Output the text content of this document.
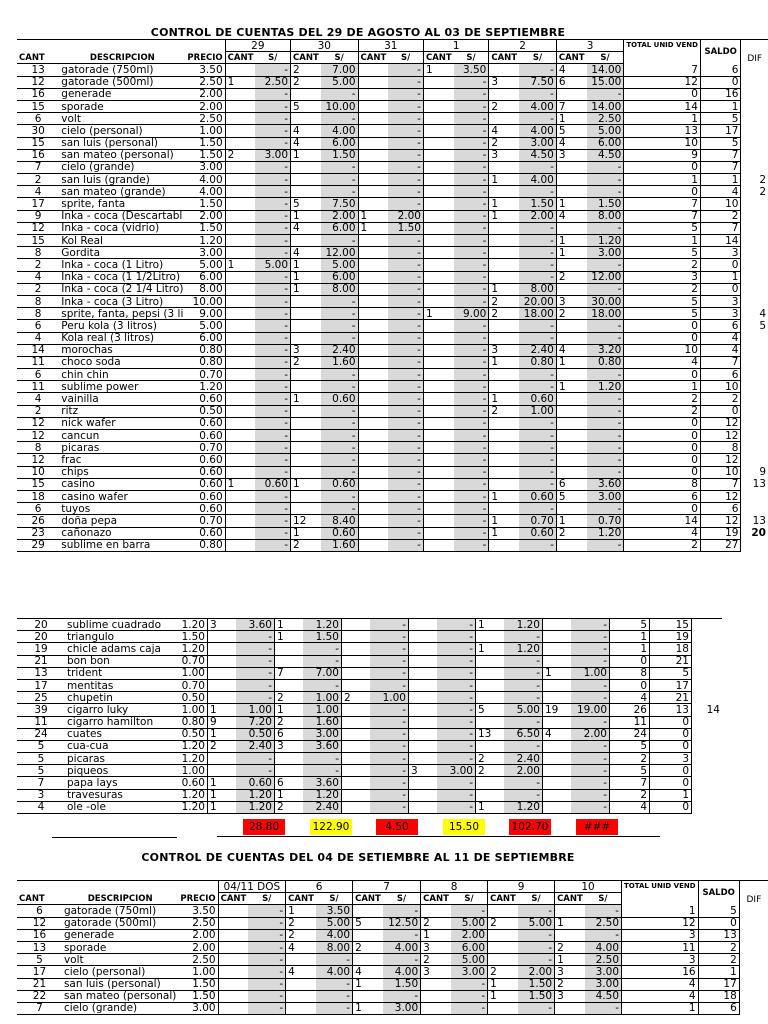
CONTROL DE CUENTAS DEL 29 DE AGOSTO AL 03 DE SEPTIEMBRE
			29		30		31		1		2		3		TOTAL UNID VEND	SALDO	DIF
CANT	DESCRIPCION	PRECIO	CANT	S/	CANT	S/	CANT	S/	CANT	S/	CANT	S/	CANT	S/			
13	gatorade (750ml)	3.50		-	2	7.00		-	1	3.50		-	4	14.00	7	6	
12	gatorade (500ml)	2.50	1	2.50	2	5.00		-		-	3	7.50	6	15.00	12	0	
16	generade	2.00		-		-		-		-		-		-	0	16	
15	sporade	2.00		-	5	10.00		-		-	2	4.00	7	14.00	14	1	
6	volt	2.50		-		-		-		-		-	1	2.50	1	5	
30	cielo (personal)	1.00		-	4	4.00		-		-	4	4.00	5	5.00	13	17	
15	san luis (personal)	1.50		-	4	6.00		-		-	2	3.00	4	6.00	10	5	
16	san mateo (personal)	1.50	2	3.00	1	1.50		-		-	3	4.50	3	4.50	9	7	
7	cielo (grande)	3.00		-		-		-		-		-		-	0	7	
2	san luis (grande)	4.00		-		-		-		-	1	4.00		-	1	1	2
4	san mateo (grande)	4.00		-		-		-		-		-		-	0	4	2
17	sprite, fanta	1.50		-	5	7.50		-		-	1	1.50	1	1.50	7	10	
9	Inka - coca (Descartabl	2.00		-	1	2.00	1	2.00		-	1	2.00	4	8.00	7	2	
12	Inka - coca (vidrio)	1.50		-	4	6.00	1	1.50		-		-		-	5	7	
15	Kol Real	1.20		-		-		-		-		-	1	1.20	1	14	
8	Gordita	3.00		-	4	12.00		-		-		-	1	3.00	5	3	
2	Inka - coca (1 Litro)	5.00	1	5.00	1	5.00		-		-		-		-	2	0	
4	Inka - coca (1 1/2Litro)	6.00		-	1	6.00		-		-		-	2	12.00	3	1	
2	Inka - coca (2 1/4 Litro)	8.00		-	1	8.00		-		-	1	8.00		-	2	0	
8	Inka - coca (3 Litro)	10.00		-		-		-		-	2	20.00	3	30.00	5	3	
8	sprite, fanta, pepsi (3 li	9.00		-		-		-	1	9.00	2	18.00	2	18.00	5	3	4
6	Peru kola (3 litros)	5.00		-		-		-		-		-		-	0	6	5
4	Kola real (3 litros)	6.00		-		-		-		-		-		-	0	4	
14	morochas	0.80		-	3	2.40		-		-	3	2.40	4	3.20	10	4	
11	choco soda	0.80		-	2	1.60		-		-	1	0.80	1	0.80	4	7	
6	chin chin	0.70		-		-		-		-		-		-	0	6	
11	sublime power	1.20		-		-		-		-		-	1	1.20	1	10	
4	vainilla	0.60		-	1	0.60		-		-	1	0.60		-	2	2	
2	ritz	0.50		-		-		-		-	2	1.00		-	2	0	
12	nick wafer	0.60		-		-		-		-		-		-	0	12	
12	cancun	0.60		-		-		-		-		-		-	0	12	
8	picaras	0.70		-		-		-		-		-		-	0	8	
12	frac	0.60		-		-		-		-		-		-	0	12	
10	chips	0.60		-		-		-		-		-		-	0	10	9
15	casino	0.60	1	0.60	1	0.60		-		-		-	6	3.60	8	7	13
18	casino wafer	0.60		-		-		-		-	1	0.60	5	3.00	6	12	
6	tuyos	0.60		-		-		-		-		-		-	0	6	
26	doña pepa	0.70		-	12	8.40		-		-	1	0.70	1	0.70	14	12	13
23	cañonazo	0.60		-	1	0.60		-		-	1	0.60	2	1.20	4	19	20
29	sublime en barra	0.80		-	2	1.60		-		-		-		-	2	27	
20	sublime cuadrado	1.20	3	3.60	1	1.20		-		-	1	1.20		-	5	15	
20	triangulo	1.50		-	1	1.50		-		-		-		-	1	19	
19	chicle adams caja	1.20		-		-		-		-	1	1.20		-	1	18	
21	bon bon	0.70		-		-		-		-		-		-	0	21	
13	trident	1.00		-	7	7.00		-		-		-	1	1.00	8	5	
17	mentitas	0.70		-		-		-		-		-		-	0	17	
25	chupetin	0.50		-	2	1.00	2	1.00		-		-		-	4	21	
39	cigarro luky	1.00	1	1.00	1	1.00		-		-	5	5.00	19	19.00	26	13	14
11	cigarro hamilton	0.80	9	7.20	2	1.60		-		-		-		-	11	0	
24	cuates	0.50	1	0.50	6	3.00		-		-	13	6.50	4	2.00	24	0	
5	cua-cua	1.20	2	2.40	3	3.60		-		-		-		-	5	0	
5	picaras	1.20		-		-		-		-	2	2.40		-	2	3	
5	piqueos	1.00		-		-		-	3	3.00	2	2.00		-	5	0	
7	papa lays	0.60	1	0.60	6	3.60		-		-		-		-	7	0	
3	travesuras	1.20	1	1.20	1	1.20		-		-		-		-	2	1	
4	ole -ole	1.20	1	1.20	2	2.40		-		-	1	1.20		-	4	0	
28.80	122.90	4.50	15.50	102.70	###
CONTROL DE CUENTAS DEL 04 DE SETIEMBRE AL 11 DE SEPTIEMBRE
			04/11 DOS		6		7		8		9		10		TOTAL UNID VEND	SALDO	DIF
CANT	DESCRIPCION	PRECIO	CANT	S/	CANT	S/	CANT	S/	CANT	S/	CANT	S/	CANT	S/			
6	gatorade (750ml)	3.50		-	1	3.50		-		-		-		-	1	5	
12	gatorade (500ml)	2.50		-	2	5.00	5	12.50	2	5.00	2	5.00	1	2.50	12	0	
16	generade	2.00		-	2	4.00		-	1	2.00		-		-	3	13	
13	sporade	2.00		-	4	8.00	2	4.00	3	6.00		-	2	4.00	11	2	
5	volt	2.50		-		-		-	2	5.00		-	1	2.50	3	2	
17	cielo (personal)	1.00		-	4	4.00	4	4.00	3	3.00	2	2.00	3	3.00	16	1	
21	san luis (personal)	1.50		-		-	1	1.50		-	1	1.50	2	3.00	4	17	
22	san mateo (personal)	1.50		-		-		-		-	1	1.50	3	4.50	4	18	
7	cielo (grande)	3.00		-		-	1	3.00		-		-		-	1	6	
